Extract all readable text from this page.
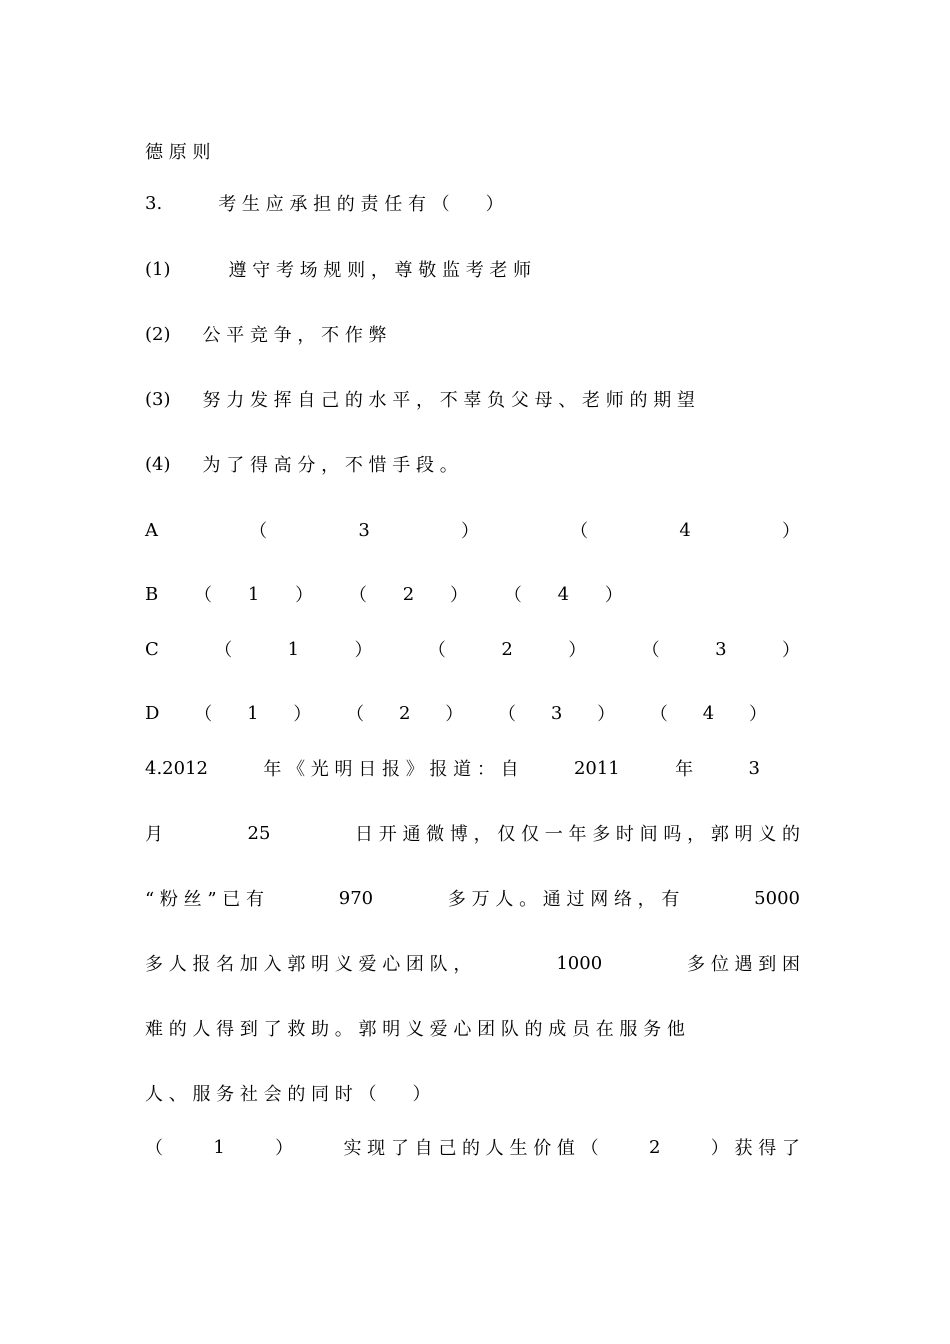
德 原 则
3.	考 生 应 承 担 的 责 任 有 （　　）
(1)	遵 守 考 场 规 则 ， 尊 敬 监 考 老 师
(2) 公 平 竞 争 ， 不 作 弊
(3) 努 力 发 挥 自 己 的 水 平 ， 不 辜 负 父 母 、 老 师 的 期 望
(4) 为 了 得 高 分 ， 不 惜 手 段 。
A	（	3	）	（	4	）
B （ 1 ） （ 2 ） （ 4 ）
C	（	1	）	（	2	）	（	3	）
D （ 1 ） （ 2 ） （ 3 ） （ 4 ）
4.2012	年 《 光 明 日 报 》 报 道 ： 自	2011	年	3
月	25	日 开 通 微 博 ， 仅 仅 一 年 多 时 间 吗 ， 郭 明 义 的
“ 粉 丝 ” 已 有	970	多 万 人 。 通 过 网 络 ， 有	5000
多 人 报 名 加 入 郭 明 义 爱 心 团 队 ，	1000	多 位 遇 到 困
难 的 人 得 到 了 救 助 。 郭 明 义 爱 心 团 队 的 成 员 在 服 务 他
人 、 服 务 社 会 的 同 时 （　　）
（	1	）	实 现 了 自 己 的 人 生 价 值 （	2	） 获 得 了
